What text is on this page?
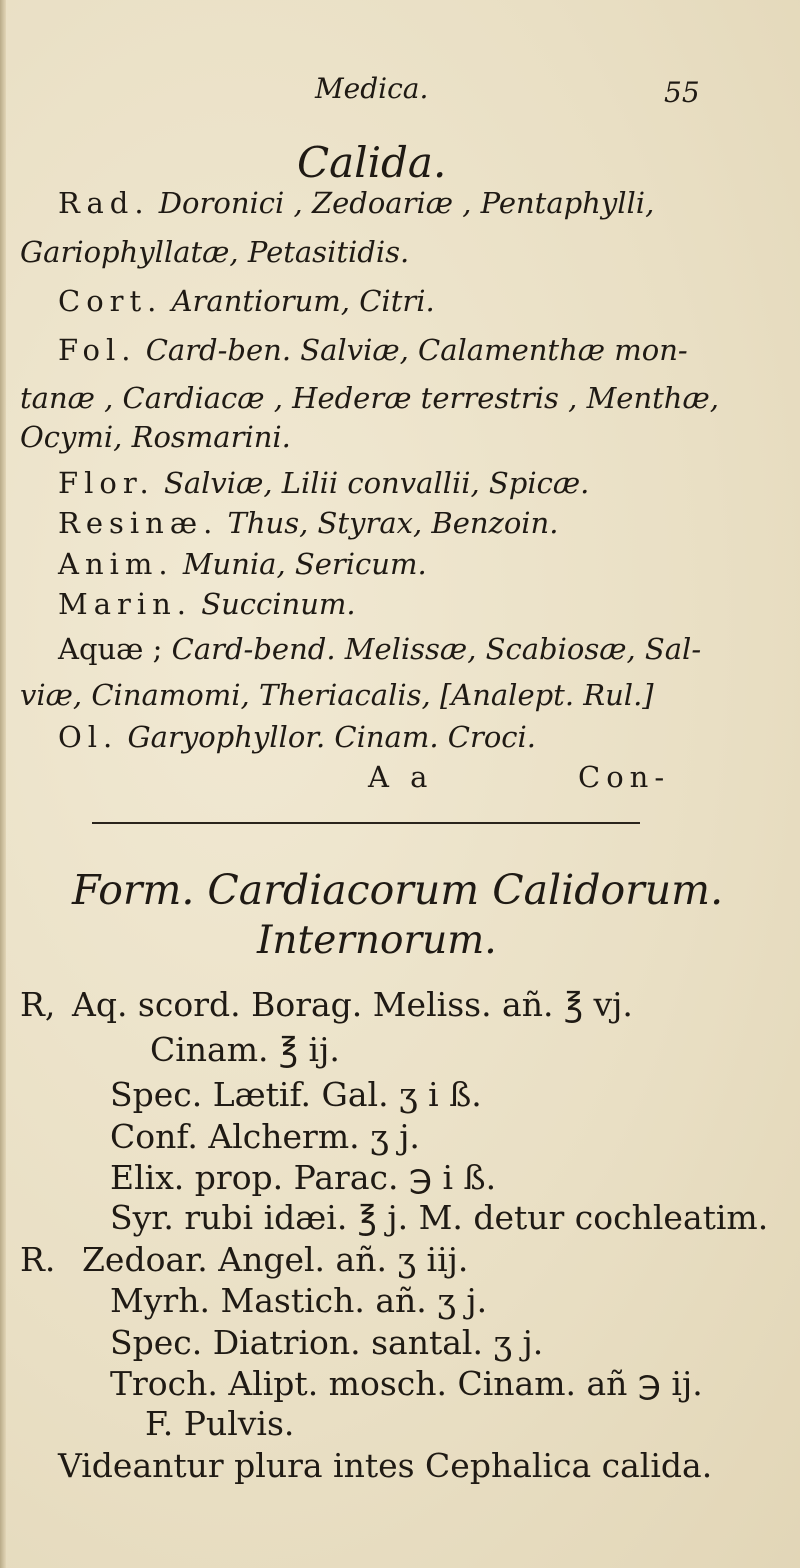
Medica.	55
Calida.
Rad. Doronici , Zedoariæ , Pentaphylli,
Gariophyllatæ, Petasitidis.
Cort. Arantiorum, Citri.
Fol. Card-ben. Salviæ, Calamenthæ mon-
tanæ , Cardiacæ , Hederæ terrestris , Menthæ,
Ocymi, Rosmarini.
Flor. Salviæ, Lilii convallii, Spicæ.
Resinæ. Thus, Styrax, Benzoin.
Anim. Munia, Sericum.
Marin. Succinum.
Aquæ ; Card-bend. Melissæ, Scabiosæ, Sal-
viæ, Cinamomi, Theriacalis, [Analept. Rul.]
Ol. Garyophyllor. Cinam. Croci.
A a	Con-
Form. Cardiacorum Calidorum.
Internorum.
R, Aq. scord. Borag. Meliss. añ. ℥ vj.
Cinam. ℥ ij.
Spec. Lætif. Gal. ʒ i ß.
Conf. Alcherm. ʒ j.
Elix. prop. Parac. ℈ i ß.
Syr. rubi idæi. ℥ j. M. detur cochleatim.
R. Zedoar. Angel. añ. ʒ iij.
Myrh. Mastich. añ. ʒ j.
Spec. Diatrion. santal. ʒ j.
Troch. Alipt. mosch. Cinam. añ ℈ ij.
F. Pulvis.
Videantur plura intes Cephalica calida.
